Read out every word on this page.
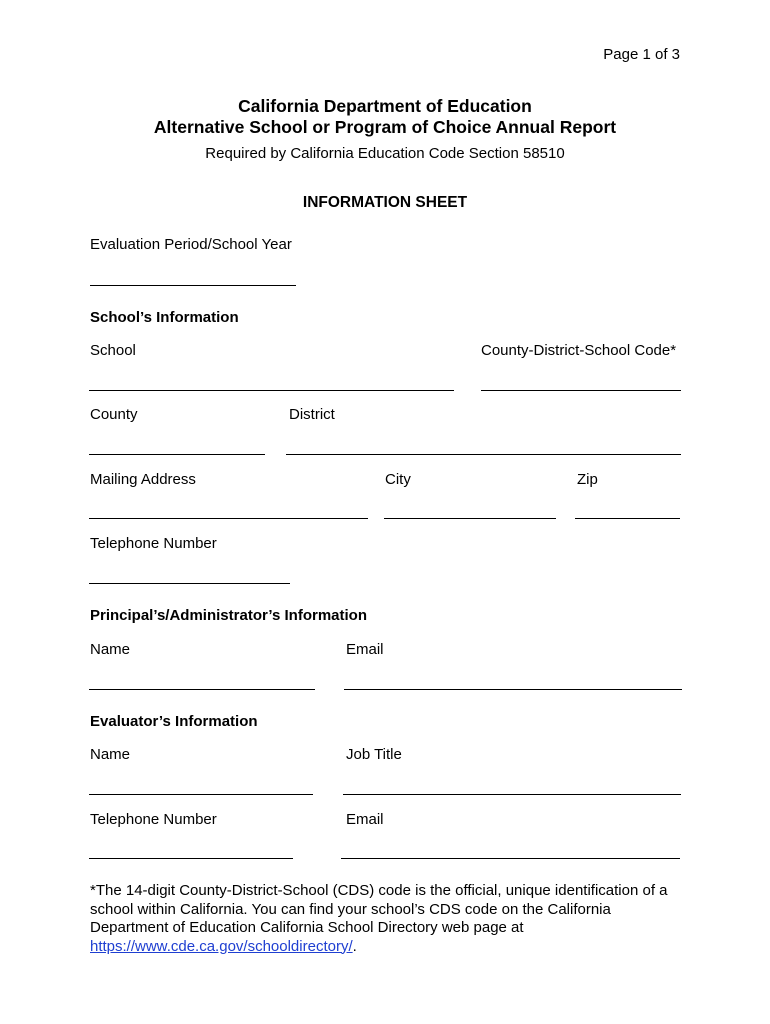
Page 1 of 3
California Department of Education
Alternative School or Program of Choice Annual Report
Required by California Education Code Section 58510
INFORMATION SHEET
Evaluation Period/School Year
School’s Information
School	County-District-School Code*
County	District
Mailing Address	City	Zip
Telephone Number
Principal’s/Administrator’s Information
Name	Email
Evaluator’s Information
Name	Job Title
Telephone Number	Email
*The 14-digit County-District-School (CDS) code is the official, unique identification of a school within California. You can find your school’s CDS code on the California Department of Education California School Directory web page at https://www.cde.ca.gov/schooldirectory/.
